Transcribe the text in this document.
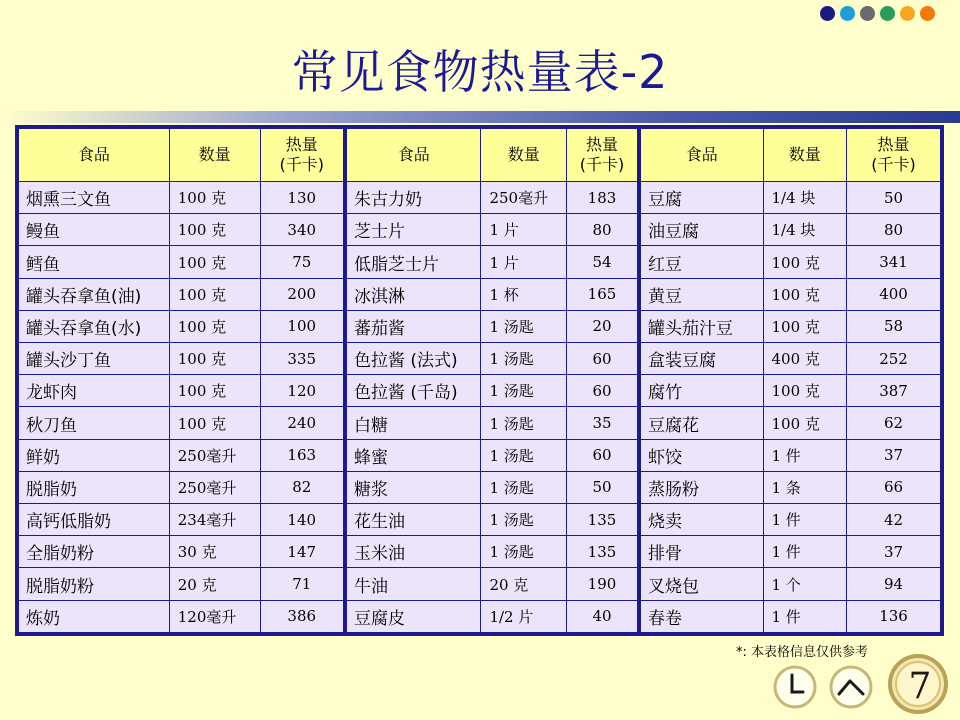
常见食物热量表-2
食品	数量	热量
(千卡)

烟熏三文鱼	100 克	130
鳗鱼	100 克	340
鳕鱼	100 克	75
罐头吞拿鱼(油)	100 克	200
罐头吞拿鱼(水)	100 克	100
罐头沙丁鱼	100 克	335
龙虾肉	100 克	120
秋刀鱼	100 克	240
鲜奶	250毫升	163
脱脂奶	250毫升	82
高钙低脂奶	234毫升	140
全脂奶粉	30 克	147
脱脂奶粉	20 克	71
炼奶	120毫升	386
食品	数量	热量
(千卡)

朱古力奶	250毫升	183
芝士片	1 片	80
低脂芝士片	1 片	54
冰淇淋	1 杯	165
蕃茄酱	1 汤匙	20
色拉酱 (法式)	1 汤匙	60
色拉酱 (千岛)	1 汤匙	60
白糖	1 汤匙	35
蜂蜜	1 汤匙	60
糖浆	1 汤匙	50
花生油	1 汤匙	135
玉米油	1 汤匙	135
牛油	20 克	190
豆腐皮	1/2 片	40
食品	数量	热量
(千卡)

豆腐	1/4 块	50
油豆腐	1/4 块	80
红豆	100 克	341
黄豆	100 克	400
罐头茄汁豆	100 克	58
盒装豆腐	400 克	252
腐竹	100 克	387
豆腐花	100 克	62
虾饺	1 件	37
蒸肠粉	1 条	66
烧卖	1 件	42
排骨	1 件	37
叉烧包	1 个	94
春卷	1 件	136
*: 本表格信息仅供参考
7
